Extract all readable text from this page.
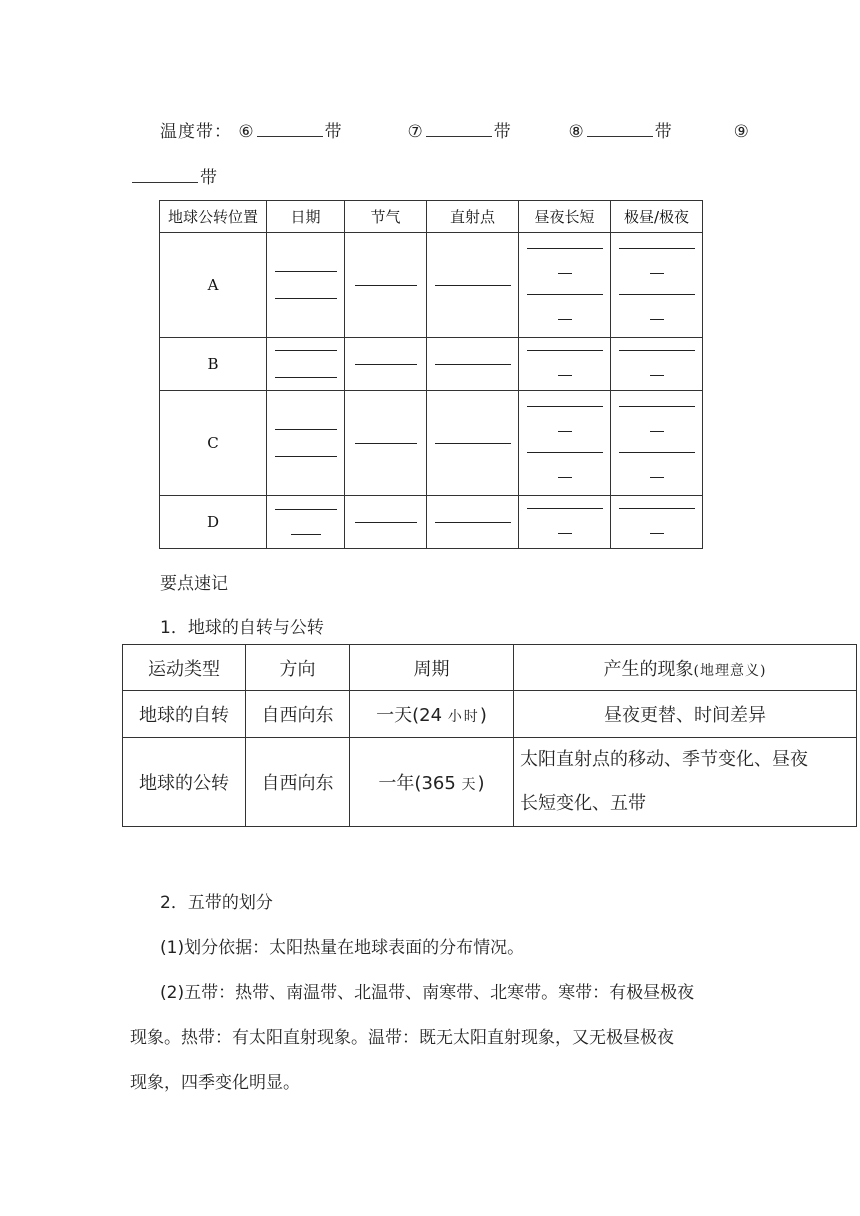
温度带： ⑥	带	⑦	带	⑧	带	⑨
带
地球公转位置	日期	节气	直射点	昼夜长短	极昼/极夜
A	

B	

C	

D	

要点速记
1．地球的自转与公转
运动类型	方向	周期	产生的现象(地理意义)
地球的自转	自西向东	一天(24 小时)	昼夜更替、时间差异
地球的公转	自西向东	一年(365 天)	太阳直射点的移动、季节变化、昼夜
长短变化、五带
2．五带的划分
(1)划分依据：太阳热量在地球表面的分布情况。
(2)五带：热带、南温带、北温带、南寒带、北寒带。寒带：有极昼极夜
现象。热带：有太阳直射现象。温带：既无太阳直射现象，又无极昼极夜
现象，四季变化明显。
